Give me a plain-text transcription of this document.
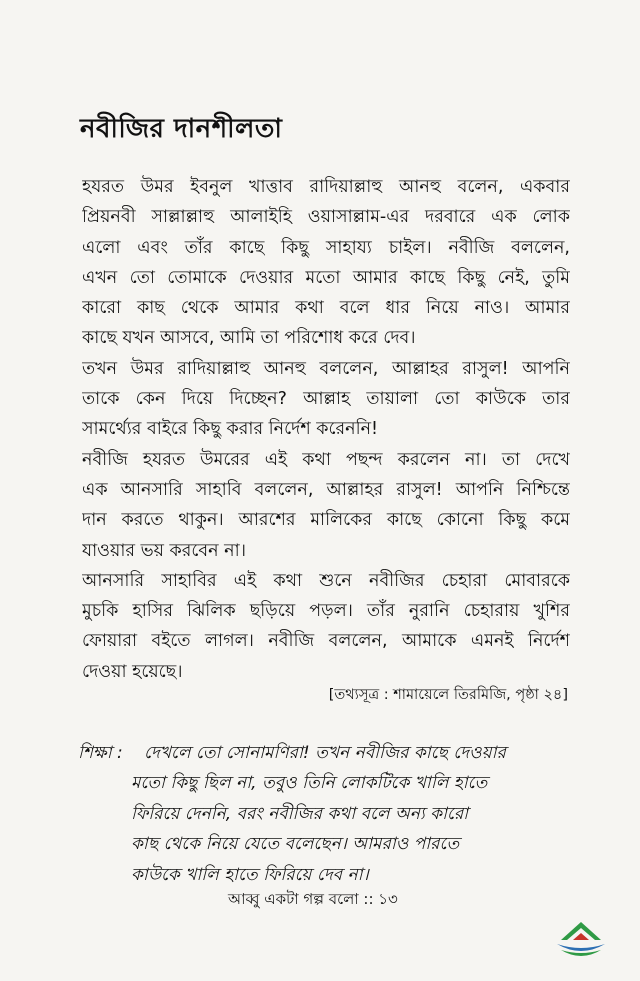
নবীজির দানশীলতা
হযরত উমর ইবনুল খাত্তাব রাদিয়াল্লাহু আনহু বলেন, একবার
প্রিয়নবী সাল্লাল্লাহু আলাইহি ওয়াসাল্লাম-এর দরবারে এক লোক
এলো এবং তাঁর কাছে কিছু সাহায্য চাইল। নবীজি বললেন,
এখন তো তোমাকে দেওয়ার মতো আমার কাছে কিছু নেই, তুমি
কারো কাছ থেকে আমার কথা বলে ধার নিয়ে নাও। আমার
কাছে যখন আসবে, আমি তা পরিশোধ করে দেব।
তখন উমর রাদিয়াল্লাহু আনহু বললেন, আল্লাহর রাসুল! আপনি
তাকে কেন দিয়ে দিচ্ছেন? আল্লাহ তায়ালা তো কাউকে তার
সামর্থ্যের বাইরে কিছু করার নির্দেশ করেননি!
নবীজি হযরত উমরের এই কথা পছন্দ করলেন না। তা দেখে
এক আনসারি সাহাবি বললেন, আল্লাহর রাসুল! আপনি নিশ্চিন্তে
দান করতে থাকুন। আরশের মালিকের কাছে কোনো কিছু কমে
যাওয়ার ভয় করবেন না।
আনসারি সাহাবির এই কথা শুনে নবীজির চেহারা মোবারকে
মুচকি হাসির ঝিলিক ছড়িয়ে পড়ল। তাঁর নুরানি চেহারায় খুশির
ফোয়ারা বইতে লাগল। নবীজি বললেন, আমাকে এমনই নির্দেশ
দেওয়া হয়েছে।
[তথ্যসূত্র : শামায়েলে তিরমিজি, পৃষ্ঠা ২৪]
শিক্ষা :	দেখলে তো সোনামণিরা! তখন নবীজির কাছে দেওয়ার
মতো কিছু ছিল না, তবুও তিনি লোকটিকে খালি হাতে
ফিরিয়ে দেননি, বরং নবীজির কথা বলে অন্য কারো
কাছ থেকে নিয়ে যেতে বলেছেন। আমরাও পারতে
কাউকে খালি হাতে ফিরিয়ে দেব না।
আব্বু একটা গল্প বলো :: ১৩
